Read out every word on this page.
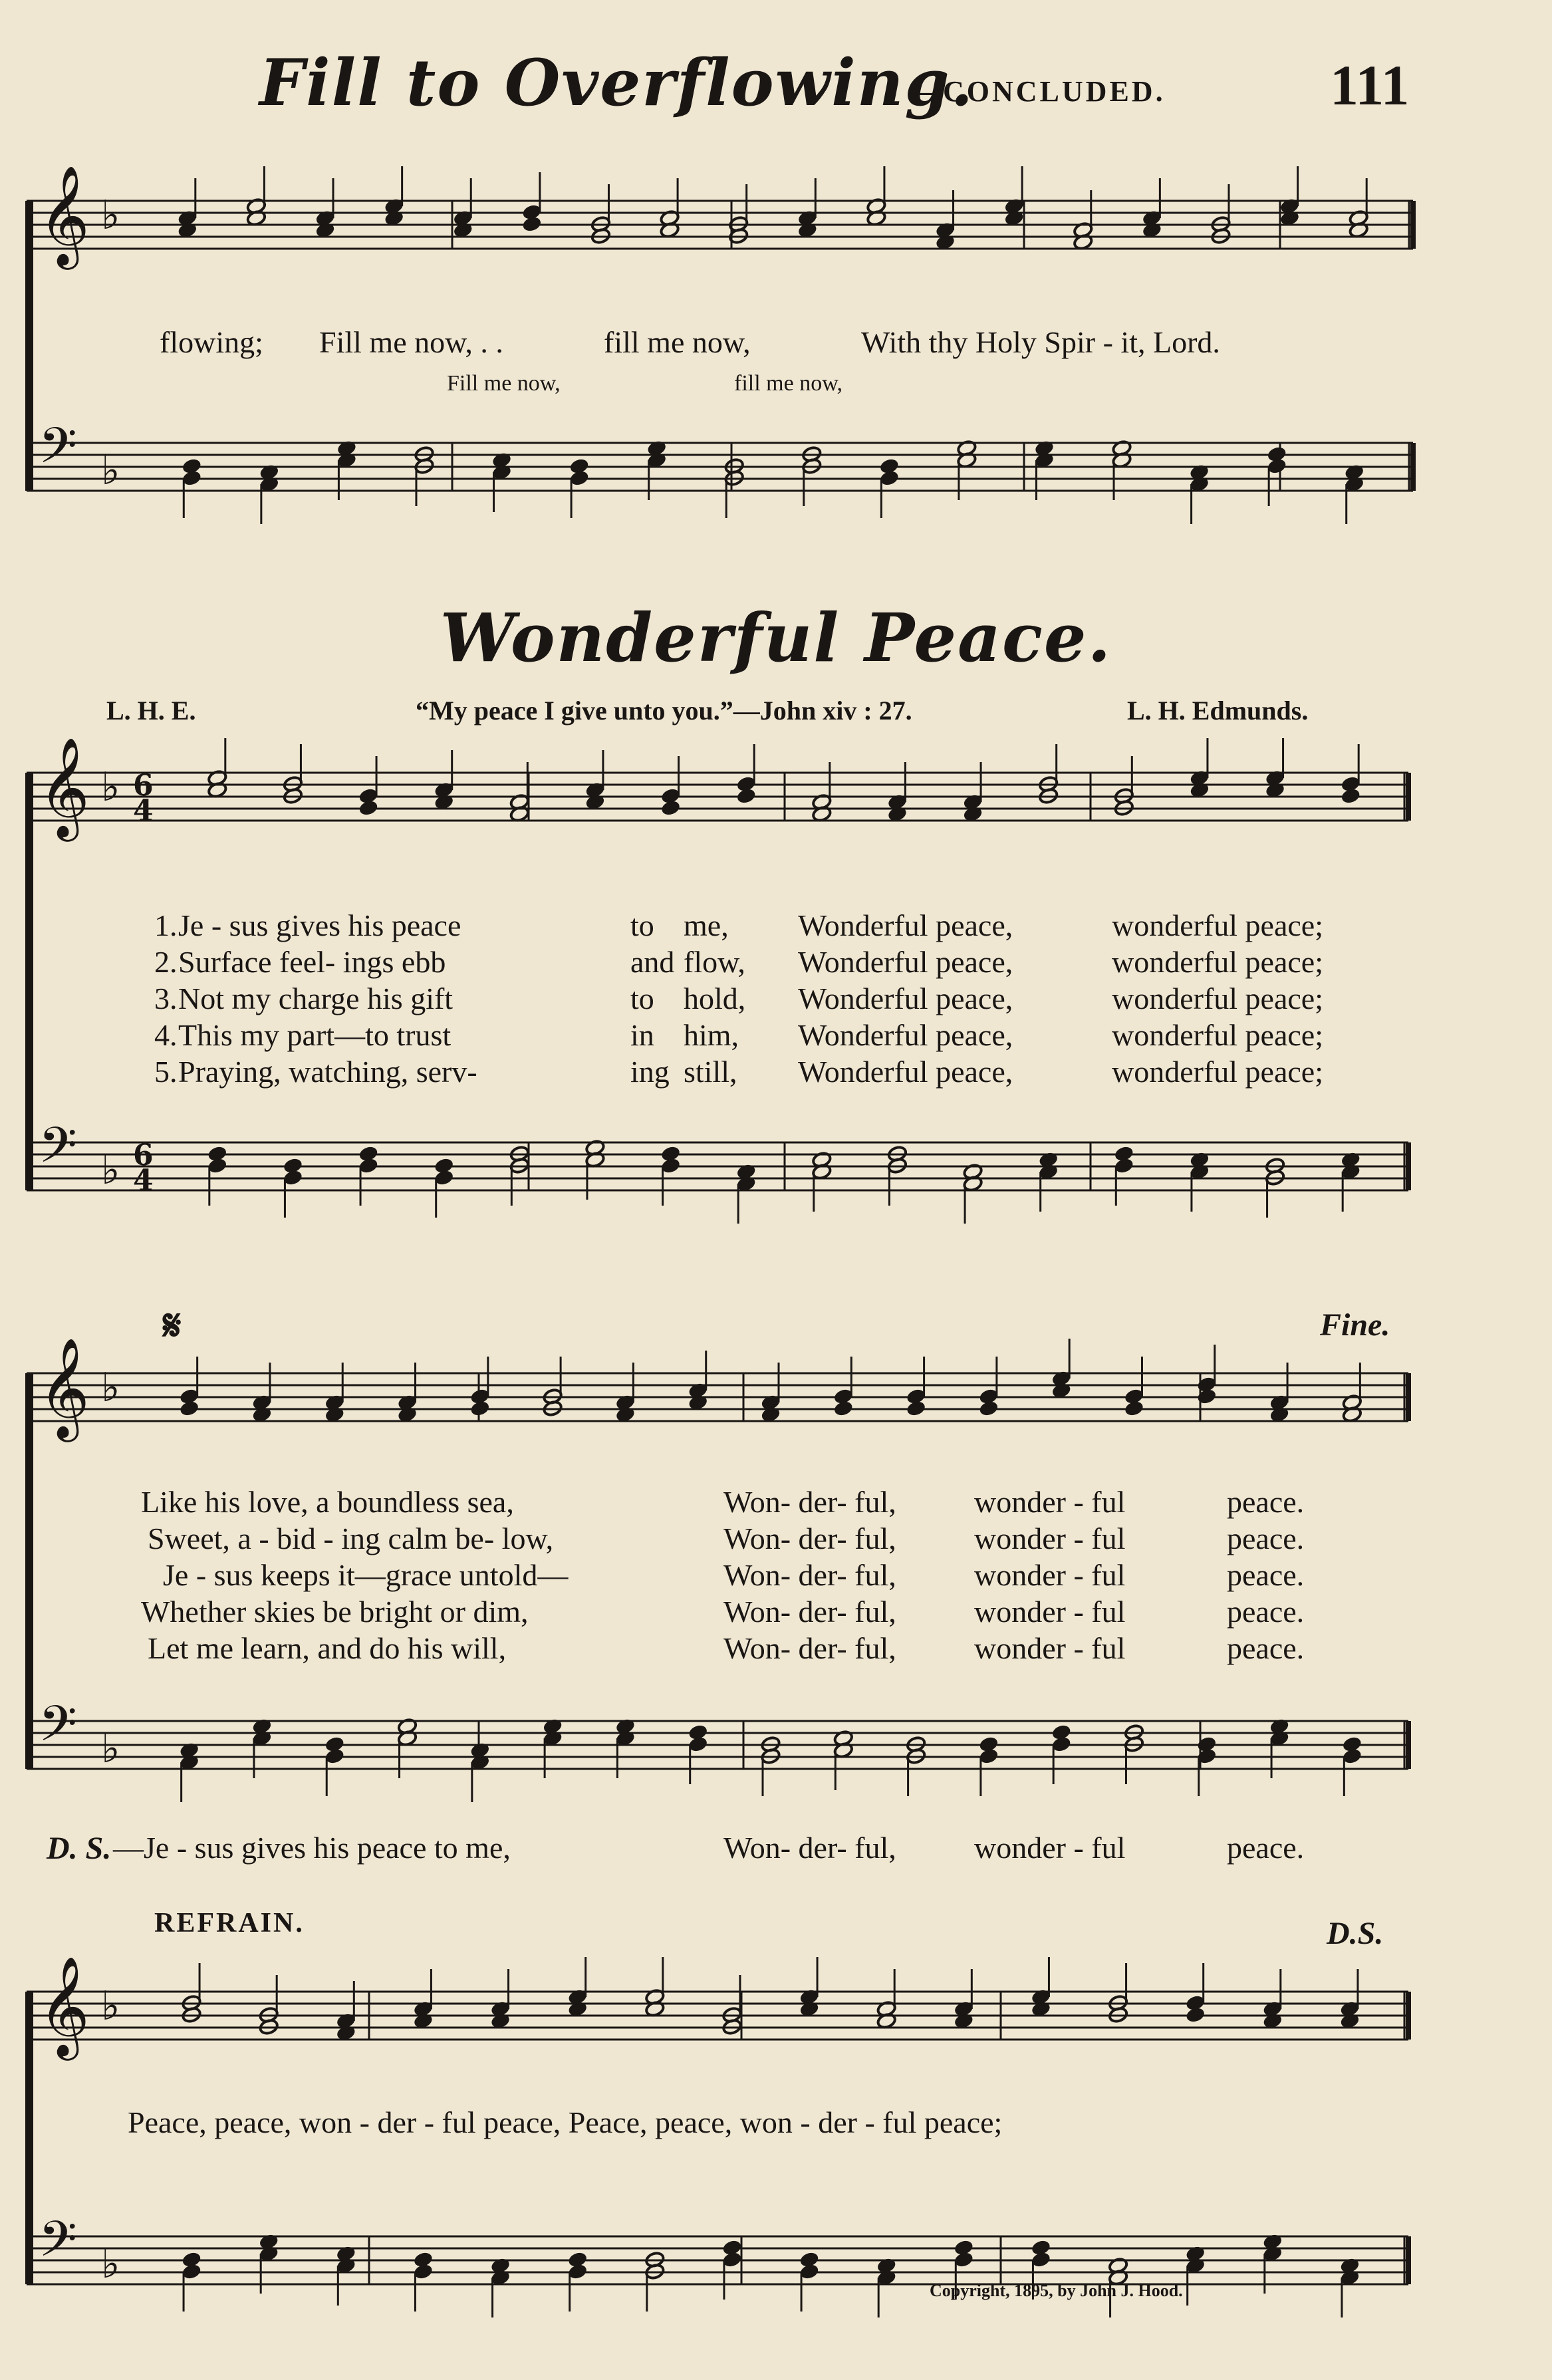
Fill to Overflowing.
—CONCLUDED.	111
𝄞 ♭
𝄢 ♭
𝄞 ♭ 6
4
𝄢 ♭ 6
4
𝄞 ♭
𝄢 ♭
𝄞 ♭
𝄢 ♭
𝄋
flowing; Fill me now, . .	fill me now,	With thy Holy Spir - it, Lord.
Fill me now,	fill me now,
Wonderful Peace.
L. H. E.	“My peace I give unto you.”—John xiv : 27.	L. H. Edmunds.
1. Je - sus gives his peace	to me, Wonderful peace,	wonderful peace;
2. Surface feel- ings ebb	and flow, Wonderful peace,	wonderful peace;
3. Not my charge his gift	to hold, Wonderful peace,	wonderful peace;
4. This my part—to trust	in him, Wonderful peace,	wonderful peace;
5. Praying, watching, serv-	ing still, Wonderful peace,	wonderful peace;
Like his love, a boundless sea,	Won- der- ful,	wonder - ful	peace.
Sweet, a - bid - ing calm be- low,	Won- der- ful,	wonder - ful	peace.
Je - sus keeps it—grace untold—	Won- der- ful,	wonder - ful	peace.
Whether skies be bright or dim,	Won- der- ful,	wonder - ful	peace.
Let me learn, and do his will,	Won- der- ful,	wonder - ful	peace.
Fine.
D. S. —Je - sus gives his peace to me,	Won- der- ful,	wonder - ful	peace.
REFRAIN.	D.S.
Peace, peace, won - der - ful peace, Peace, peace, won - der - ful peace;
Copyright, 1895, by John J. Hood.
